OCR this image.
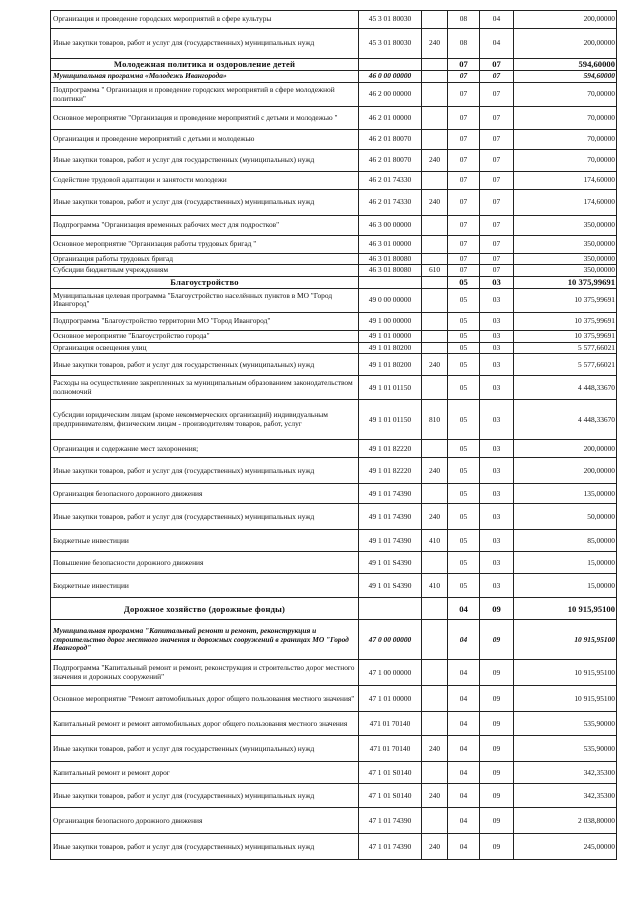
Организация и проведение городских мероприятий в сфере культуры	45 3 01 80030		08	04	200,00000
Иные закупки товаров, работ и услуг для (государственных) муниципальных нужд	45 3 01 80030	240	08	04	200,00000
Молодежная политика и оздоровление детей			07	07	594,60000
Муниципальная программа «Молодежь Ивангорода»	46 0 00 00000		07	07	594,60000
Подпрограмма " Организация и проведение городских мероприятий в сфере молодежной политики"	46 2 00 00000		07	07	70,00000
Основное мероприятие "Организация и проведение мероприятий с детьми и молодежью "	46 2 01 00000		07	07	70,00000
Организация и проведение мероприятий с детьми и молодежью	46 2 01 80070		07	07	70,00000
Иные закупки товаров, работ и услуг для государственных (муниципальных) нужд	46 2 01 80070	240	07	07	70,00000
Содействие трудовой адаптации и занятости молодежи	46 2 01 74330		07	07	174,60000
Иные закупки товаров, работ и услуг для (государственных) муниципальных нужд	46 2 01 74330	240	07	07	174,60000
Подпрограмма "Организация временных рабочих мест для подростков"	46 3 00 00000		07	07	350,00000
Основное мероприятие "Организация работы трудовых бригад "	46 3 01 00000		07	07	350,00000
Организация работы трудовых бригад	46 3 01 80080		07	07	350,00000
Субсидии бюджетным учреждениям	46 3 01 80080	610	07	07	350,00000
Благоустройство			05	03	10 375,99691
Муниципальная целевая программа "Благоустройство населённых пунктов в МО "Город Ивангород"	49 0 00 00000		05	03	10 375,99691
Подпрограмма "Благоустройство территории МО "Город Ивангород"	49 1 00 00000		05	03	10 375,99691
Основное мероприятие "Благоустройство города"	49 1 01 00000		05	03	10 375,99691
Организация освещения улиц	49 1 01 80200		05	03	5 577,66021
Иные закупки товаров, работ и услуг для государственных (муниципальных) нужд	49 1 01 80200	240	05	03	5 577,66021
Расходы на осуществление закрепленных за муниципальным образованием законодательством полномочий	49 1 01 01150		05	03	4 448,33670
Субсидии юридическим лицам (кроме некоммерческих организаций) индивидуальным предпринимателям, физическим лицам - производителям товаров, работ, услуг	49 1 01 01150	810	05	03	4 448,33670
Организация и содержание мест захоронения;	49 1 01 82220		05	03	200,00000
Иные закупки товаров, работ и услуг для (государственных) муниципальных нужд	49 1 01 82220	240	05	03	200,00000
Организация безопасного дорожного движения	49 1 01 74390		05	03	135,00000
Иные закупки товаров, работ и услуг для (государственных) муниципальных нужд	49 1 01 74390	240	05	03	50,00000
Бюджетные инвестиции	49 1 01 74390	410	05	03	85,00000
Повышение безопасности дорожного движения	49 1 01 S4390		05	03	15,00000
Бюджетные инвестиции	49 1 01 S4390	410	05	03	15,00000
Дорожное хозяйство (дорожные фонды)			04	09	10 915,95100
Муниципальная программа "Капитальный ремонт и ремонт, реконструкция и строительство дорог местного значения и дорожных сооружений в границах МО "Город Ивангород"	47 0 00 00000		04	09	10 915,95100
Подпрограмма "Капитальный ремонт и ремонт, реконструкция и строительство дорог местного значения и дорожных сооружений"	47 1 00 00000		04	09	10 915,95100
Основное мероприятие "Ремонт автомобильных дорог общего пользования местного значения"	47 1 01 00000		04	09	10 915,95100
Капитальный ремонт и ремонт автомобильных дорог общего пользования местного значения	471 01 70140		04	09	535,90000
Иные закупки товаров, работ и услуг для государственных (муниципальных) нужд	471 01 70140	240	04	09	535,90000
Капитальный ремонт и ремонт дорог	47 1 01 S0140		04	09	342,35300
Иные закупки товаров, работ и услуг для (государственных) муниципальных нужд	47 1 01 S0140	240	04	09	342,35300
Организация безопасного дорожного движения	47 1 01 74390		04	09	2 038,80000
Иные закупки товаров, работ и услуг для (государственных) муниципальных нужд	47 1 01 74390	240	04	09	245,00000
